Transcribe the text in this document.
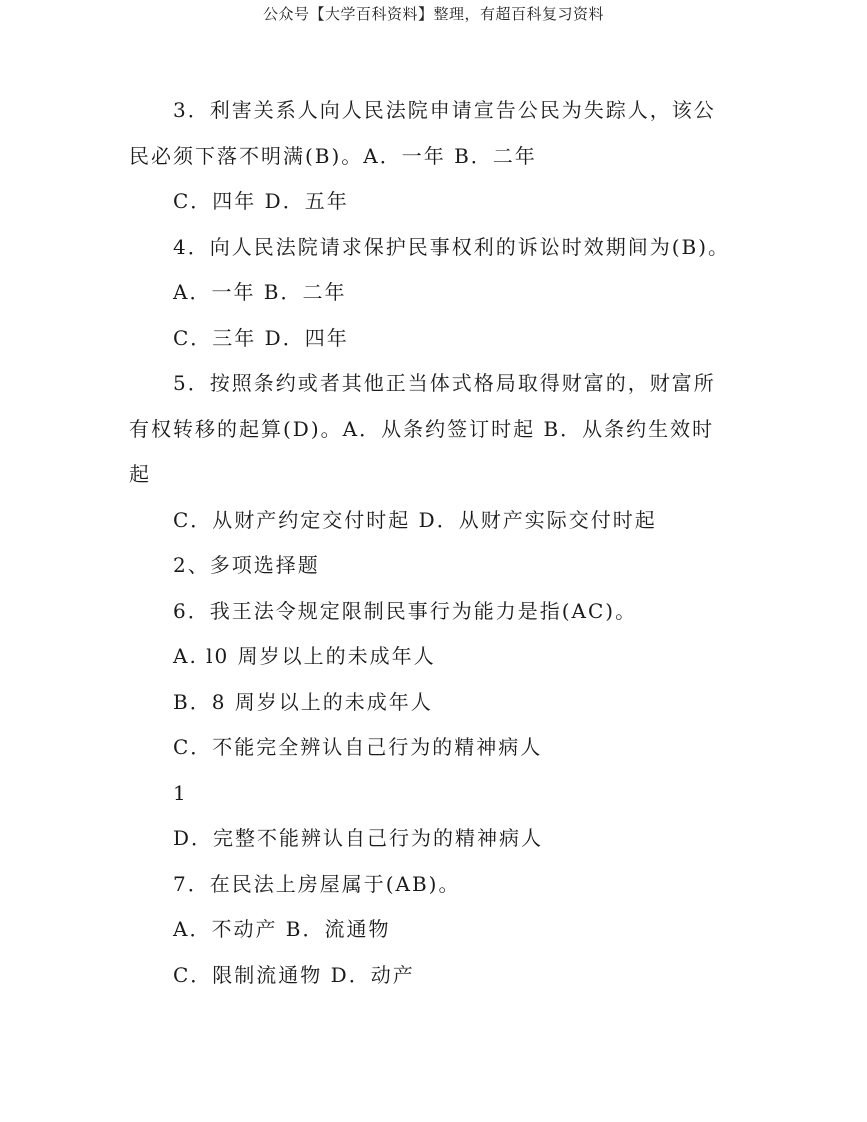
公众号【大学百科资料】整理，有超百科复习资料
3．利害关系人向人民法院申请宣告公民为失踪人，该公
民必须下落不明满(B)。A．一年 B．二年
C．四年 D．五年
4．向人民法院请求保护民事权利的诉讼时效期间为(B)。
A．一年 B．二年
C．三年 D．四年
5．按照条约或者其他正当体式格局取得财富的，财富所
有权转移的起算(D)。A．从条约签订时起 B．从条约生效时
起
C．从财产约定交付时起 D．从财产实际交付时起
2、多项选择题
6．我王法令规定限制民事行为能力是指(AC)。
A. l0 周岁以上的未成年人
B．8 周岁以上的未成年人
C．不能完全辨认自己行为的精神病人
1
D．完整不能辨认自己行为的精神病人
7．在民法上房屋属于(AB)。
A．不动产 B．流通物
C．限制流通物 D．动产
